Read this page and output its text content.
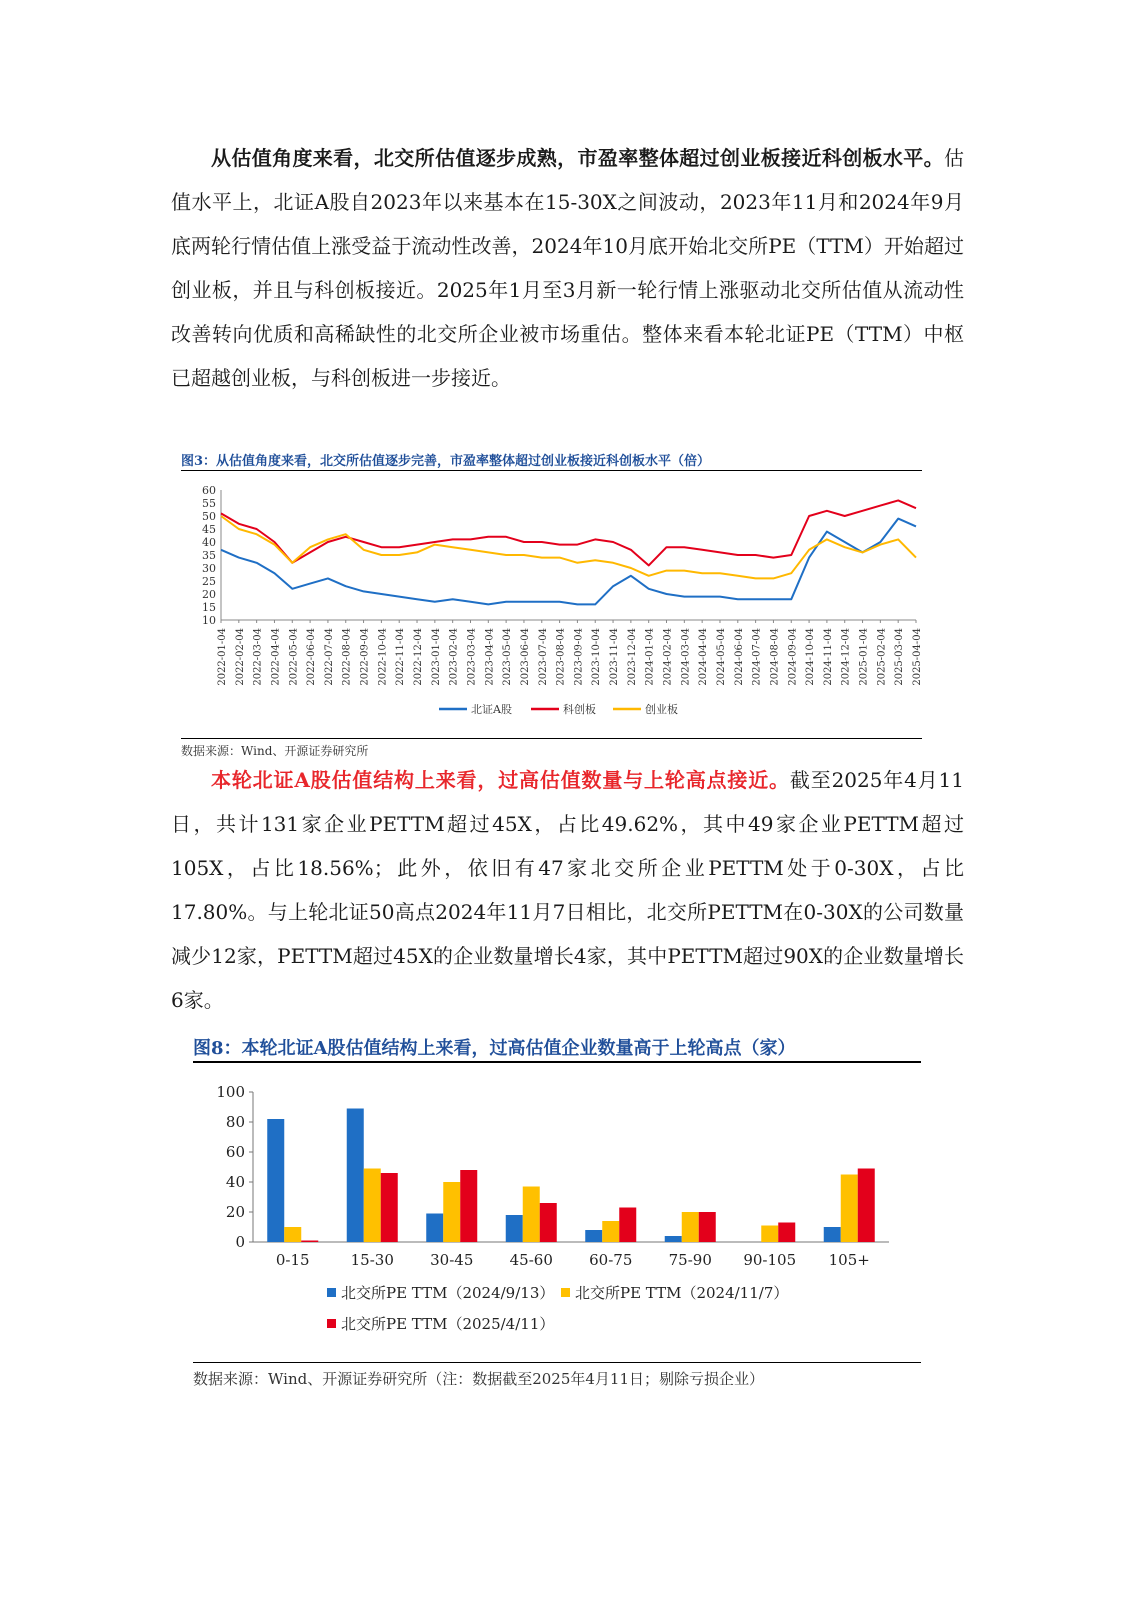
从估值角度来看，北交所估值逐步成熟，市盈率整体超过创业板接近科创板水平。估值水平上，北证A股自2023年以来基本在15-30X之间波动，2023年11月和2024年9月底两轮行情估值上涨受益于流动性改善，2024年10月底开始北交所PE（TTM）开始超过创业板，并且与科创板接近。2025年1月至3月新一轮行情上涨驱动北交所估值从流动性改善转向优质和高稀缺性的北交所企业被市场重估。整体来看本轮北证PE（TTM）中枢已超越创业板，与科创板进一步接近。

图3：从估值角度来看，北交所估值逐步完善，市盈率整体超过创业板接近科创板水平（倍）
10
15
20
25
30
35
40
45
50
55
60
2022-01-04 2022-02-04 2022-03-04 2022-04-04 2022-05-04 2022-06-04 2022-07-04 2022-08-04 2022-09-04 2022-10-04 2022-11-04 2022-12-04 2023-01-04 2023-02-04 2023-03-04 2023-04-04 2023-05-04 2023-06-04 2023-07-04 2023-08-04 2023-09-04 2023-10-04 2023-11-04 2023-12-04 2024-01-04 2024-02-04 2024-03-04 2024-04-04 2024-05-04 2024-06-04 2024-07-04 2024-08-04 2024-09-04 2024-10-04 2024-11-04 2024-12-04 2025-01-04 2025-02-04 2025-03-04 2025-04-04
北证A股	科创板	创业板
数据来源：Wind、开源证券研究所

本轮北证A股估值结构上来看，过高估值数量与上轮高点接近。截至2025年4月11日，共计131家企业PETTM超过45X，占比49.62%，其中49家企业PETTM超过105X，占比18.56%；此外，依旧有47家北交所企业PETTM处于0-30X，占比17.80%。与上轮北证50高点2024年11月7日相比，北交所PETTM在0-30X的公司数量减少12家，PETTM超过45X的企业数量增长4家，其中PETTM超过90X的企业数量增长6家。

图8：本轮北证A股估值结构上来看，过高估值企业数量高于上轮高点（家）
0
20
40
60
80
100
0-15	15-30 30-45 45-60 60-75 75-90 90-105 105+
北交所PE TTM（2024/9/13） 北交所PE TTM（2024/11/7）
北交所PE TTM（2025/4/11）
数据来源：Wind、开源证券研究所（注：数据截至2025年4月11日；剔除亏损企业）
